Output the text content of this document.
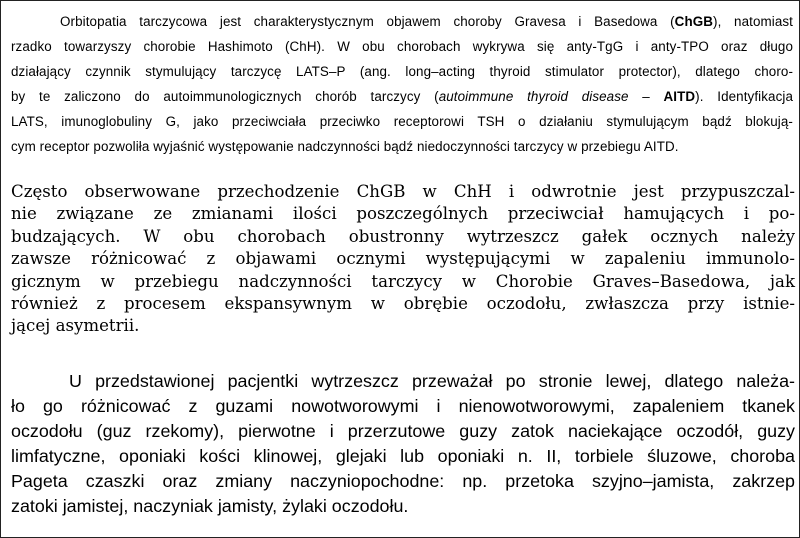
Orbitopatia tarczycowa jest charakterystycznym objawem choroby Gravesa i Basedowa (ChGB), natomiast
rzadko towarzyszy chorobie Hashimoto (ChH). W obu chorobach wykrywa się anty-TgG i anty-TPO oraz długo
działający czynnik stymulujący tarczycę LATS–P (ang. long–acting thyroid stimulator protector), dlatego choro-
by te zaliczono do autoimmunologicznych chorób tarczycy (autoimmune thyroid disease – AITD). Identyfikacja
LATS, imunoglobuliny G, jako przeciwciała przeciwko receptorowi TSH o działaniu stymulującym bądź blokują-
cym receptor pozwoliła wyjaśnić występowanie nadczynności bądź niedoczynności tarczycy w przebiegu AITD.
Często obserwowane przechodzenie ChGB w ChH i odwrotnie jest przypuszczal-
nie związane ze zmianami ilości poszczególnych przeciwciał hamujących i po-
budzających. W obu chorobach obustronny wytrzeszcz gałek ocznych należy
zawsze różnicować z objawami ocznymi występującymi w zapaleniu immunolo-
gicznym w przebiegu nadczynności tarczycy w Chorobie Graves–Basedowa, jak
również z procesem ekspansywnym w obrębie oczodołu, zwłaszcza przy istnie-
jącej asymetrii.
U przedstawionej pacjentki wytrzeszcz przeważał po stronie lewej, dlatego należa-
ło go różnicować z guzami nowotworowymi i nienowotworowymi, zapaleniem tkanek
oczodołu (guz rzekomy), pierwotne i przerzutowe guzy zatok naciekające oczodół, guzy
limfatyczne, oponiaki kości klinowej, glejaki lub oponiaki n. II, torbiele śluzowe, choroba
Pageta czaszki oraz zmiany naczyniopochodne: np. przetoka szyjno–jamista, zakrzep
zatoki jamistej, naczyniak jamisty, żylaki oczodołu.
